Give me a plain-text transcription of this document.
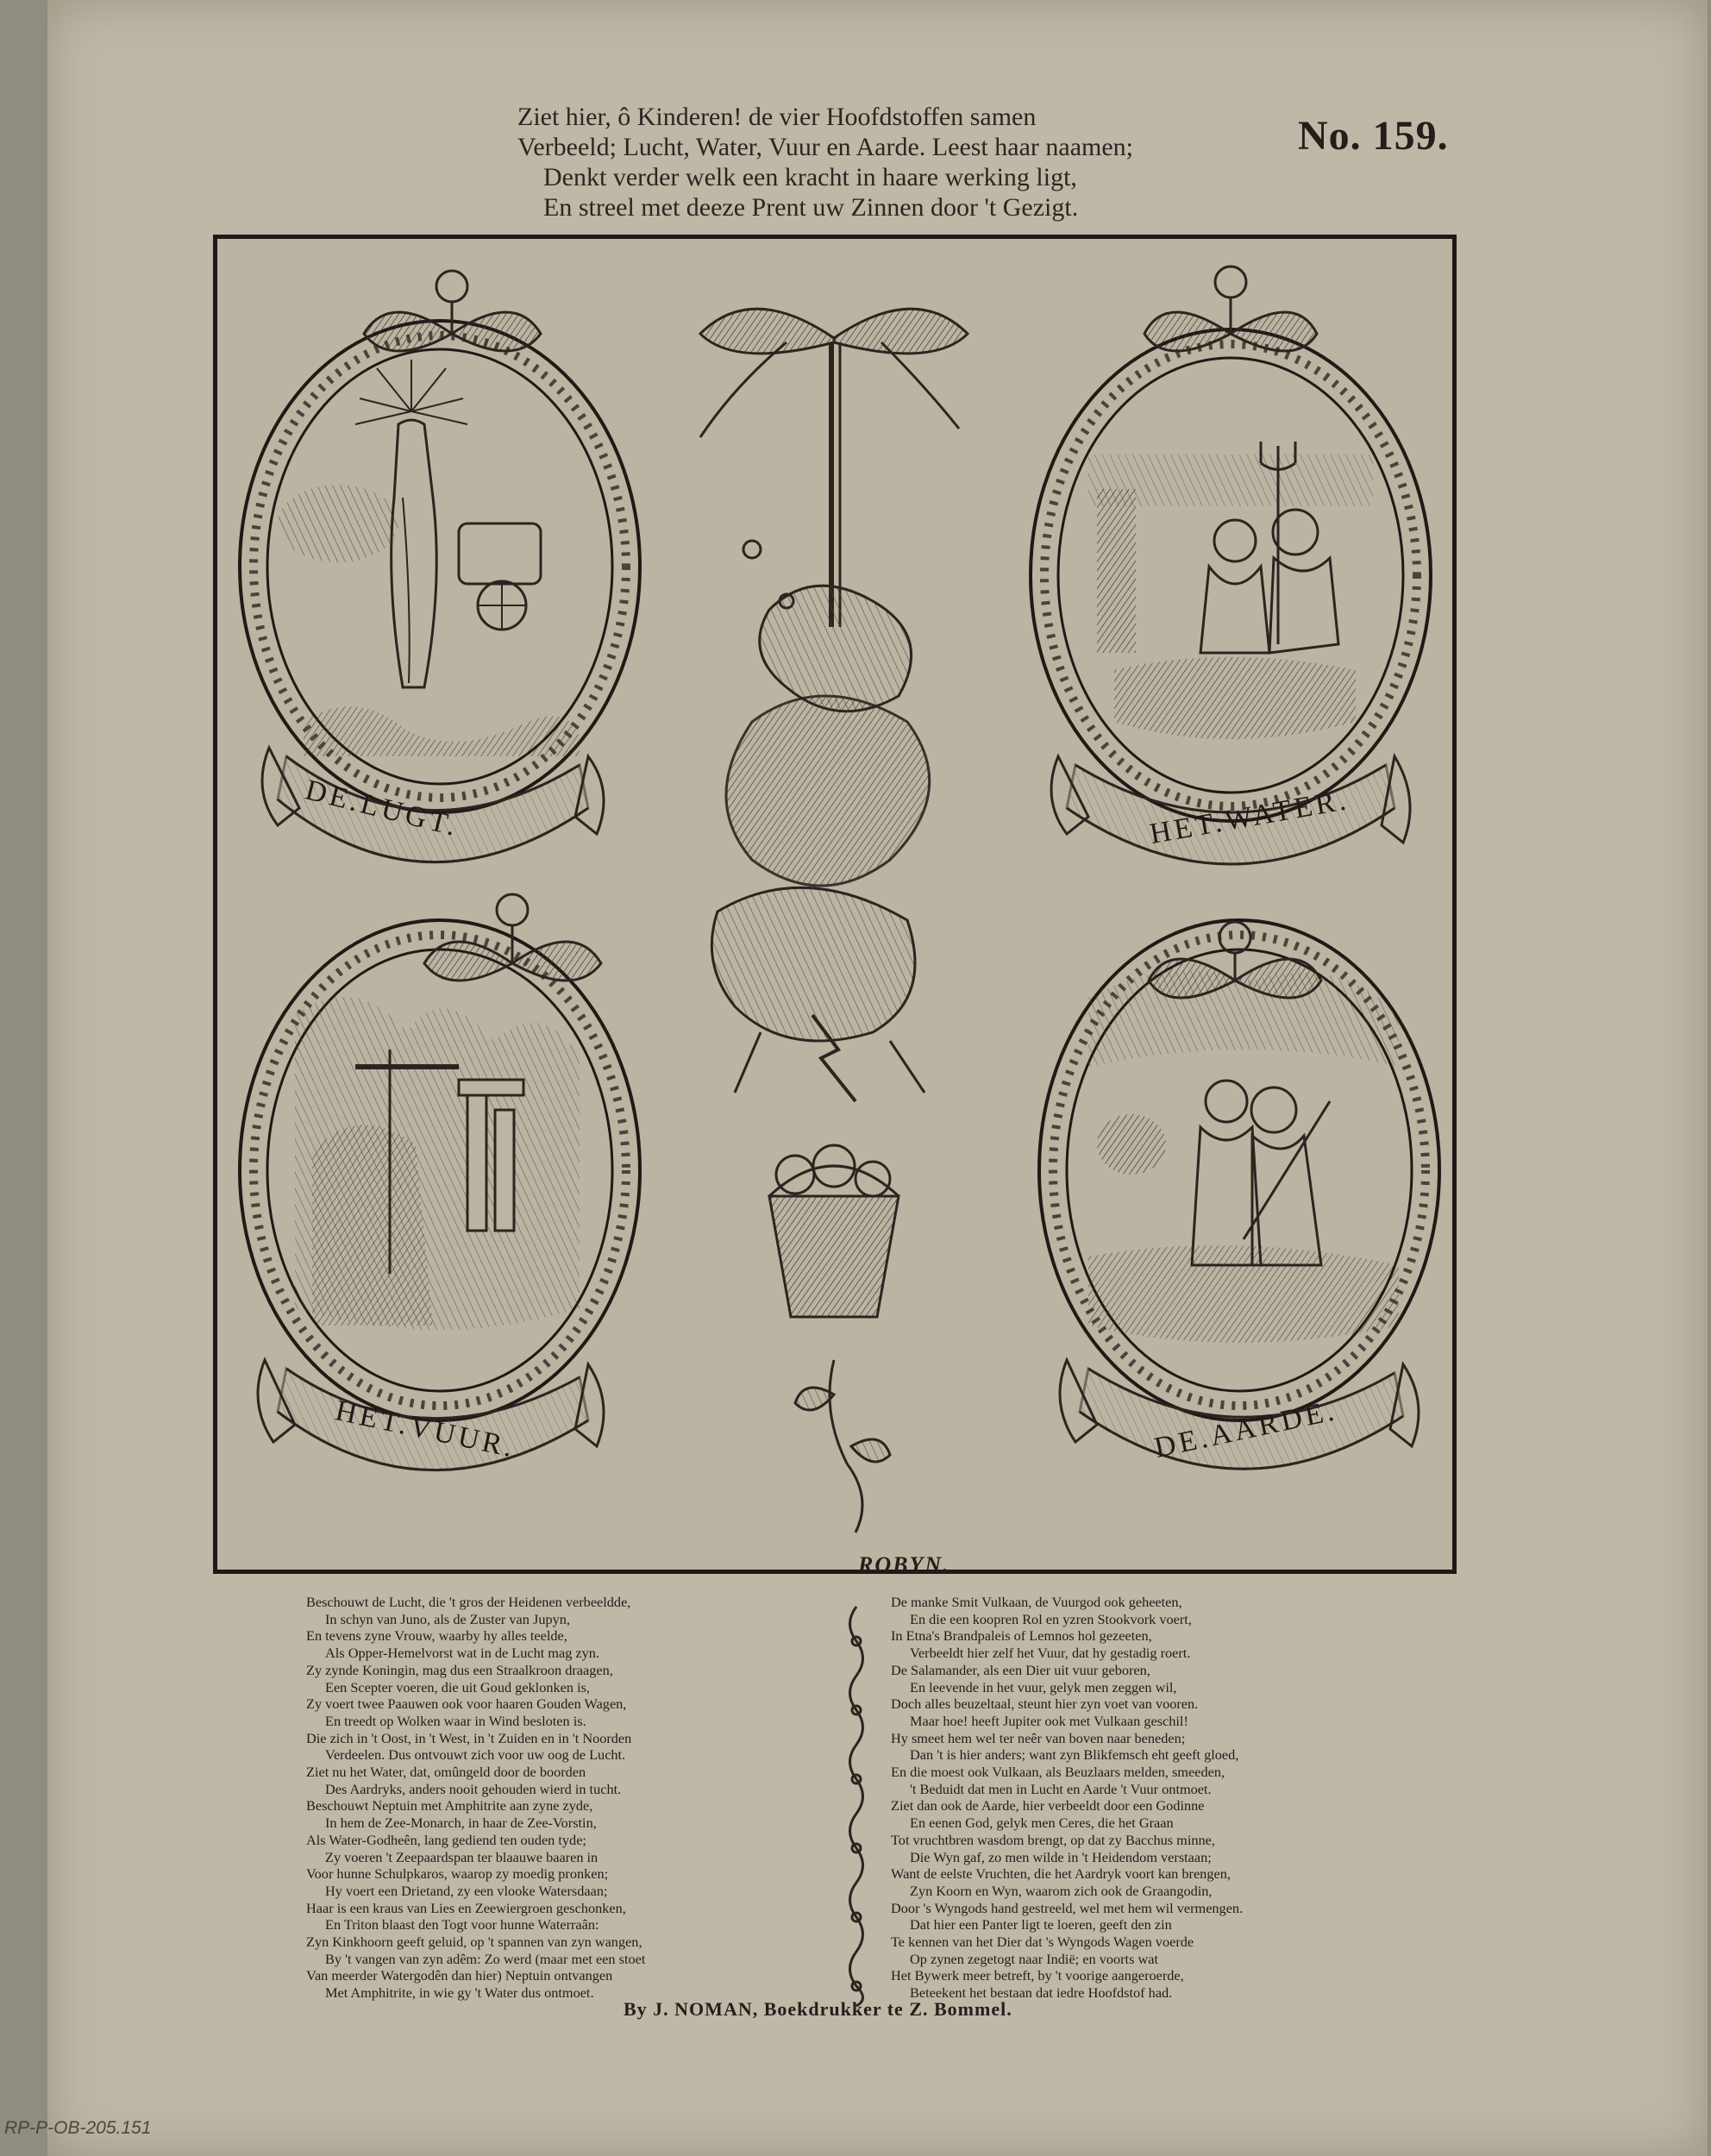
Ziet hier, ô Kinderen! de vier Hoofdstoffen samen
Verbeeld; Lucht, Water, Vuur en Aarde. Leest haar naamen;
Denkt verder welk een kracht in haare werking ligt,
En streel met deeze Prent uw Zinnen door 't Gezigt.
No. 159.
DE.LUGT.	HET.WATER.
HET.VUUR.	DE.AARDE.
ROBYN.
Beschouwt de Lucht, die 't gros der Heidenen verbeeldde,
In schyn van Juno, als de Zuster van Jupyn,
En tevens zyne Vrouw, waarby hy alles teelde,
Als Opper-Hemelvorst wat in de Lucht mag zyn.
Zy zynde Koningin, mag dus een Straalkroon draagen,
Een Scepter voeren, die uit Goud geklonken is,
Zy voert twee Paauwen ook voor haaren Gouden Wagen,
En treedt op Wolken waar in Wind besloten is.
Die zich in 't Oost, in 't West, in 't Zuiden en in 't Noorden
Verdeelen. Dus ontvouwt zich voor uw oog de Lucht.
Ziet nu het Water, dat, omûngeld door de boorden
Des Aardryks, anders nooit gehouden wierd in tucht.
Beschouwt Neptuin met Amphitrite aan zyne zyde,
In hem de Zee-Monarch, in haar de Zee-Vorstin,
Als Water-Godheên, lang gediend ten ouden tyde;
Zy voeren 't Zeepaardspan ter blaauwe baaren in
Voor hunne Schulpkaros, waarop zy moedig pronken;
Hy voert een Drietand, zy een vlooke Watersdaan;
Haar is een kraus van Lies en Zeewiergroen geschonken,
En Triton blaast den Togt voor hunne Waterraân:
Zyn Kinkhoorn geeft geluid, op 't spannen van zyn wangen,
By 't vangen van zyn adêm: Zo werd (maar met een stoet
Van meerder Watergodên dan hier) Neptuin ontvangen
Met Amphitrite, in wie gy 't Water dus ontmoet.
De manke Smit Vulkaan, de Vuurgod ook geheeten,
En die een koopren Rol en yzren Stookvork voert,
In Etna's Brandpaleis of Lemnos hol gezeeten,
Verbeeldt hier zelf het Vuur, dat hy gestadig roert.
De Salamander, als een Dier uit vuur geboren,
En leevende in het vuur, gelyk men zeggen wil,
Doch alles beuzeltaal, steunt hier zyn voet van vooren.
Maar hoe! heeft Jupiter ook met Vulkaan geschil!
Hy smeet hem wel ter neêr van boven naar beneden;
Dan 't is hier anders; want zyn Blikfemsch eht geeft gloed,
En die moest ook Vulkaan, als Beuzlaars melden, smeeden,
't Beduidt dat men in Lucht en Aarde 't Vuur ontmoet.
Ziet dan ook de Aarde, hier verbeeldt door een Godinne
En eenen God, gelyk men Ceres, die het Graan
Tot vruchtbren wasdom brengt, op dat zy Bacchus minne,
Die Wyn gaf, zo men wilde in 't Heidendom verstaan;
Want de eelste Vruchten, die het Aardryk voort kan brengen,
Zyn Koorn en Wyn, waarom zich ook de Graangodin,
Door 's Wyngods hand gestreeld, wel met hem wil vermengen.
Dat hier een Panter ligt te loeren, geeft den zin
Te kennen van het Dier dat 's Wyngods Wagen voerde
Op zynen zegetogt naar Indië; en voorts wat
Het Bywerk meer betreft, by 't voorige aangeroerde,
Beteekent het bestaan dat iedre Hoofdstof had.
By J. NOMAN, Boekdrukker te Z. Bommel.
RP-P-OB-205.151
